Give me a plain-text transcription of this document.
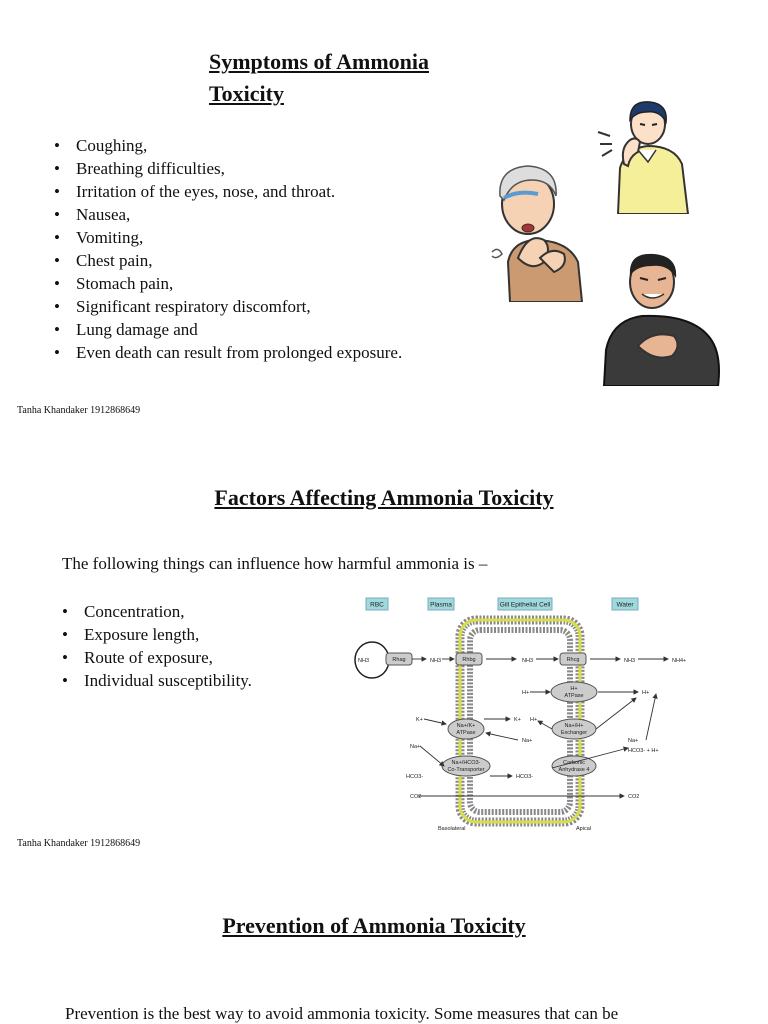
Symptoms of Ammonia
Toxicity
• Coughing,
• Breathing difficulties,
• Irritation of the eyes, nose, and throat.
• Nausea,
• Vomiting,
• Chest pain,
• Stomach pain,
• Significant respiratory discomfort,
• Lung damage and
• Even death can result from prolonged exposure.
Tanha Khandaker 1912868649
Factors Affecting Ammonia Toxicity
The following things can influence how harmful ammonia is –
• Concentration,
• Exposure length,
• Route of exposure,
• Individual susceptibility.
RBC	Plasma	Gill Epithelial Cell	Water
Rhag	Rhbg	Rhcg
H+
ATPase
Na+/K+
ATPase
Na+/H+
Exchanger
Na+/HCO3-
Co-Transporter
Carbonic
Anhydrase 4
NH3	NH3	NH3	NH3	NH4+
H+	H+
K+	K+ H+
Na+
Na+
Na+
HCO3- + H+
HCO3-	HCO3-
CO2	CO2
Basolateral	Apical
Tanha Khandaker 1912868649
Prevention of Ammonia Toxicity
Prevention is the best way to avoid ammonia toxicity. Some measures that can be
